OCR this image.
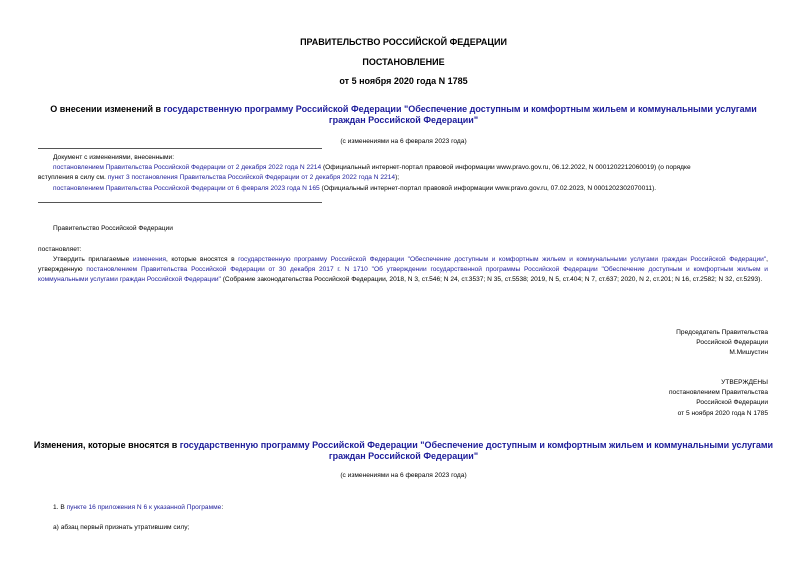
ПРАВИТЕЛЬСТВО РОССИЙСКОЙ ФЕДЕРАЦИИ
ПОСТАНОВЛЕНИЕ
от 5 ноября 2020 года N 1785
О внесении изменений в государственную программу Российской Федерации "Обеспечение доступным и комфортным жильем и коммунальными услугами
граждан Российской Федерации"
(с изменениями на 6 февраля 2023 года)
Документ с изменениями, внесенными:
постановлением Правительства Российской Федерации от 2 декабря 2022 года N 2214 (Официальный интернет-портал правовой информации www.pravo.gov.ru, 06.12.2022, N 0001202212060019) (о порядке
вступления в силу см. пункт 3 постановления Правительства Российской Федерации от 2 декабря 2022 года N 2214);
постановлением Правительства Российской Федерации от 6 февраля 2023 года N 165 (Официальный интернет-портал правовой информации www.pravo.gov.ru, 07.02.2023, N 0001202302070011).
Правительство Российской Федерации
постановляет:
Утвердить прилагаемые изменения, которые вносятся в государственную программу Российской Федерации "Обеспечение доступным и комфортным жильем и коммунальными услугами граждан Российской Федерации", утвержденную постановлением Правительства Российской Федерации от 30 декабря 2017 г. N 1710 "Об утверждении государственной программы Российской Федерации "Обеспечение доступным и комфортным жильем и коммунальными услугами граждан Российской Федерации" (Собрание законодательства Российской Федерации, 2018, N 3, ст.546; N 24, ст.3537; N 35, ст.5538; 2019, N 5, ст.404; N 7, ст.637; 2020, N 2, ст.201; N 16, ст.2582; N 32, ст.5293).
Председатель Правительства
Российской Федерации
М.Мишустин
УТВЕРЖДЕНЫ
постановлением Правительства
Российской Федерации
от 5 ноября 2020 года N 1785
Изменения, которые вносятся в государственную программу Российской Федерации "Обеспечение доступным и комфортным жильем и коммунальными услугами
граждан Российской Федерации"
(с изменениями на 6 февраля 2023 года)
1. В пункте 16 приложения N 6 к указанной Программе:
а) абзац первый признать утратившим силу;
